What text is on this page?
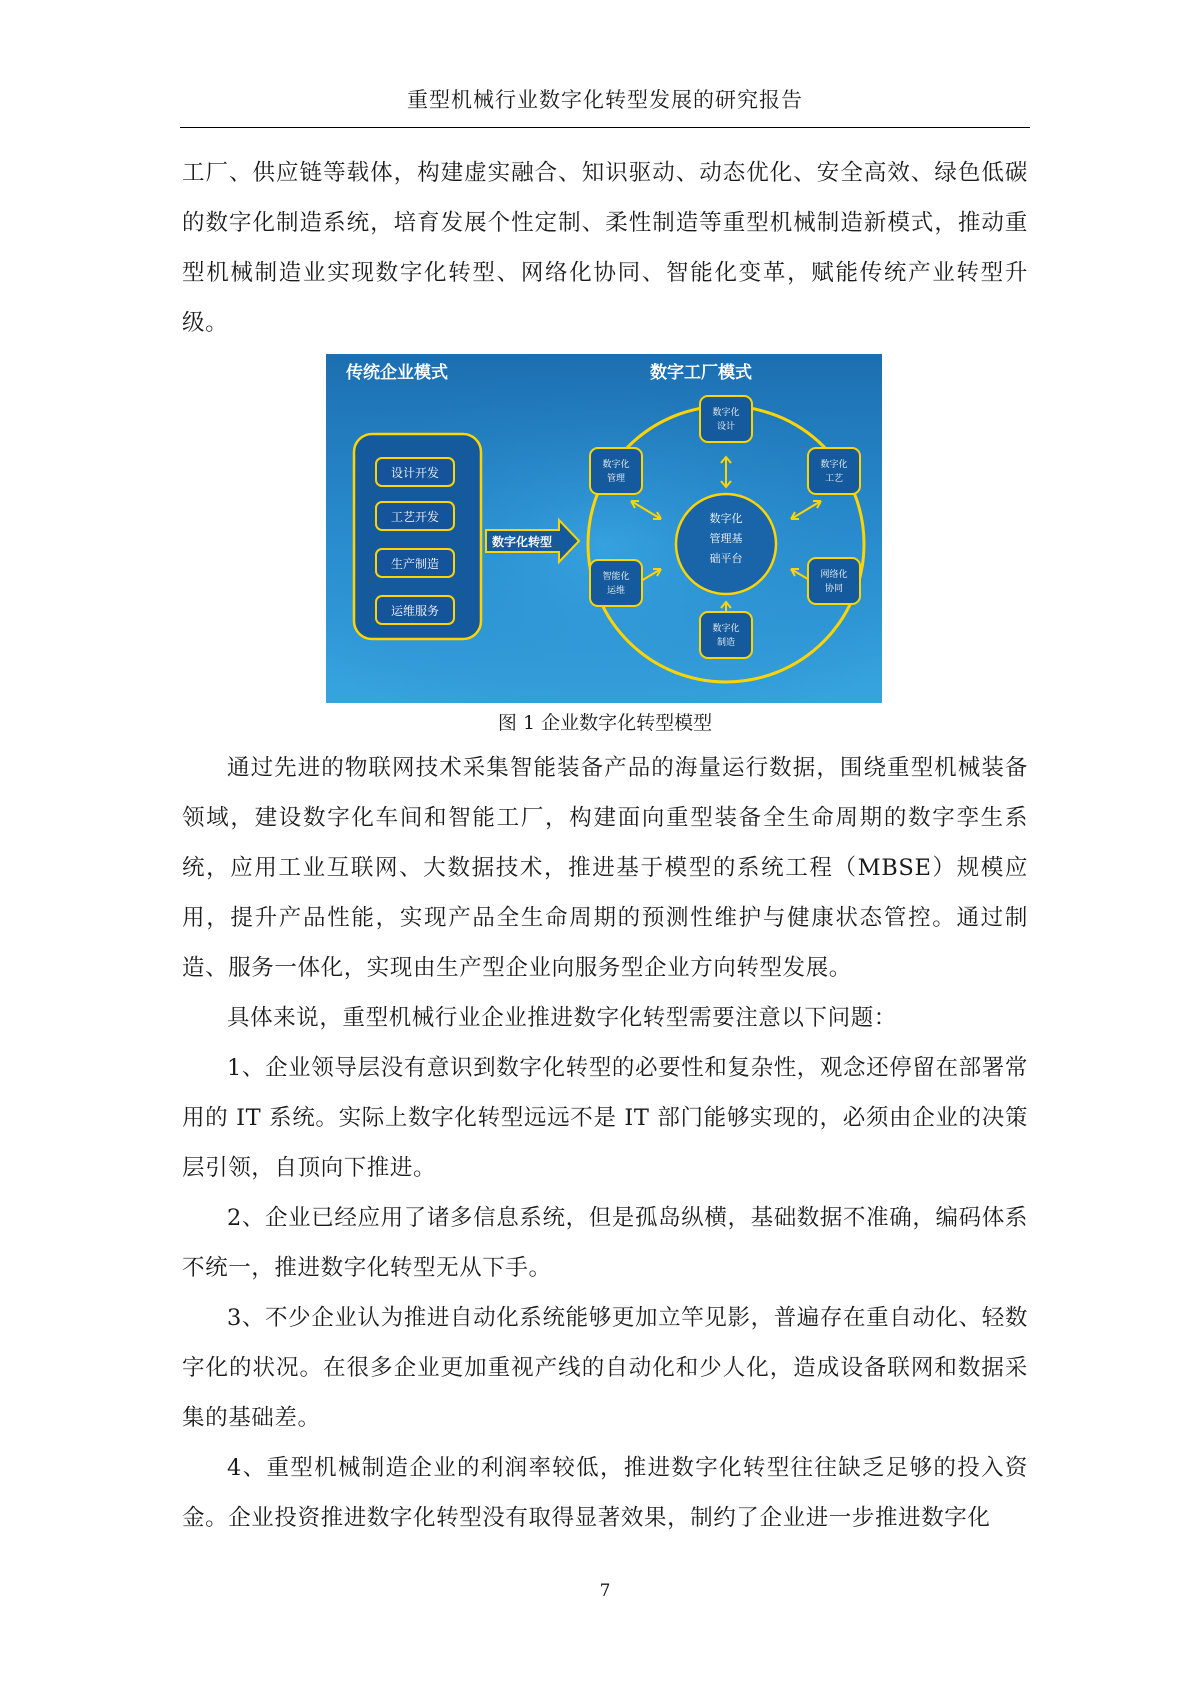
重型机械行业数字化转型发展的研究报告

工厂、供应链等载体，构建虚实融合、知识驱动、动态优化、安全高效、绿色低碳的数字化制造系统，培育发展个性定制、柔性制造等重型机械制造新模式，推动重型机械制造业实现数字化转型、网络化协同、智能化变革，赋能传统产业转型升级。

传统企业模式	数字工厂模式
设计开发
工艺开发
生产制造
运维服务
数字化转型
数字化
管理基
础平台
数字化
设计
数字化
工艺
网络化
协同
数字化
制造
智能化
运维
数字化
管理
图 1 企业数字化转型模型

通过先进的物联网技术采集智能装备产品的海量运行数据，围绕重型机械装备领域，建设数字化车间和智能工厂，构建面向重型装备全生命周期的数字孪生系统，应用工业互联网、大数据技术，推进基于模型的系统工程（MBSE）规模应用，提升产品性能，实现产品全生命周期的预测性维护与健康状态管控。通过制造、服务一体化，实现由生产型企业向服务型企业方向转型发展。

具体来说，重型机械行业企业推进数字化转型需要注意以下问题：

1、企业领导层没有意识到数字化转型的必要性和复杂性，观念还停留在部署常用的 IT 系统。实际上数字化转型远远不是 IT 部门能够实现的，必须由企业的决策层引领，自顶向下推进。

2、企业已经应用了诸多信息系统，但是孤岛纵横，基础数据不准确，编码体系不统一，推进数字化转型无从下手。

3、不少企业认为推进自动化系统能够更加立竿见影，普遍存在重自动化、轻数字化的状况。在很多企业更加重视产线的自动化和少人化，造成设备联网和数据采集的基础差。

4、重型机械制造企业的利润率较低，推进数字化转型往往缺乏足够的投入资金。企业投资推进数字化转型没有取得显著效果，制约了企业进一步推进数字化

7
